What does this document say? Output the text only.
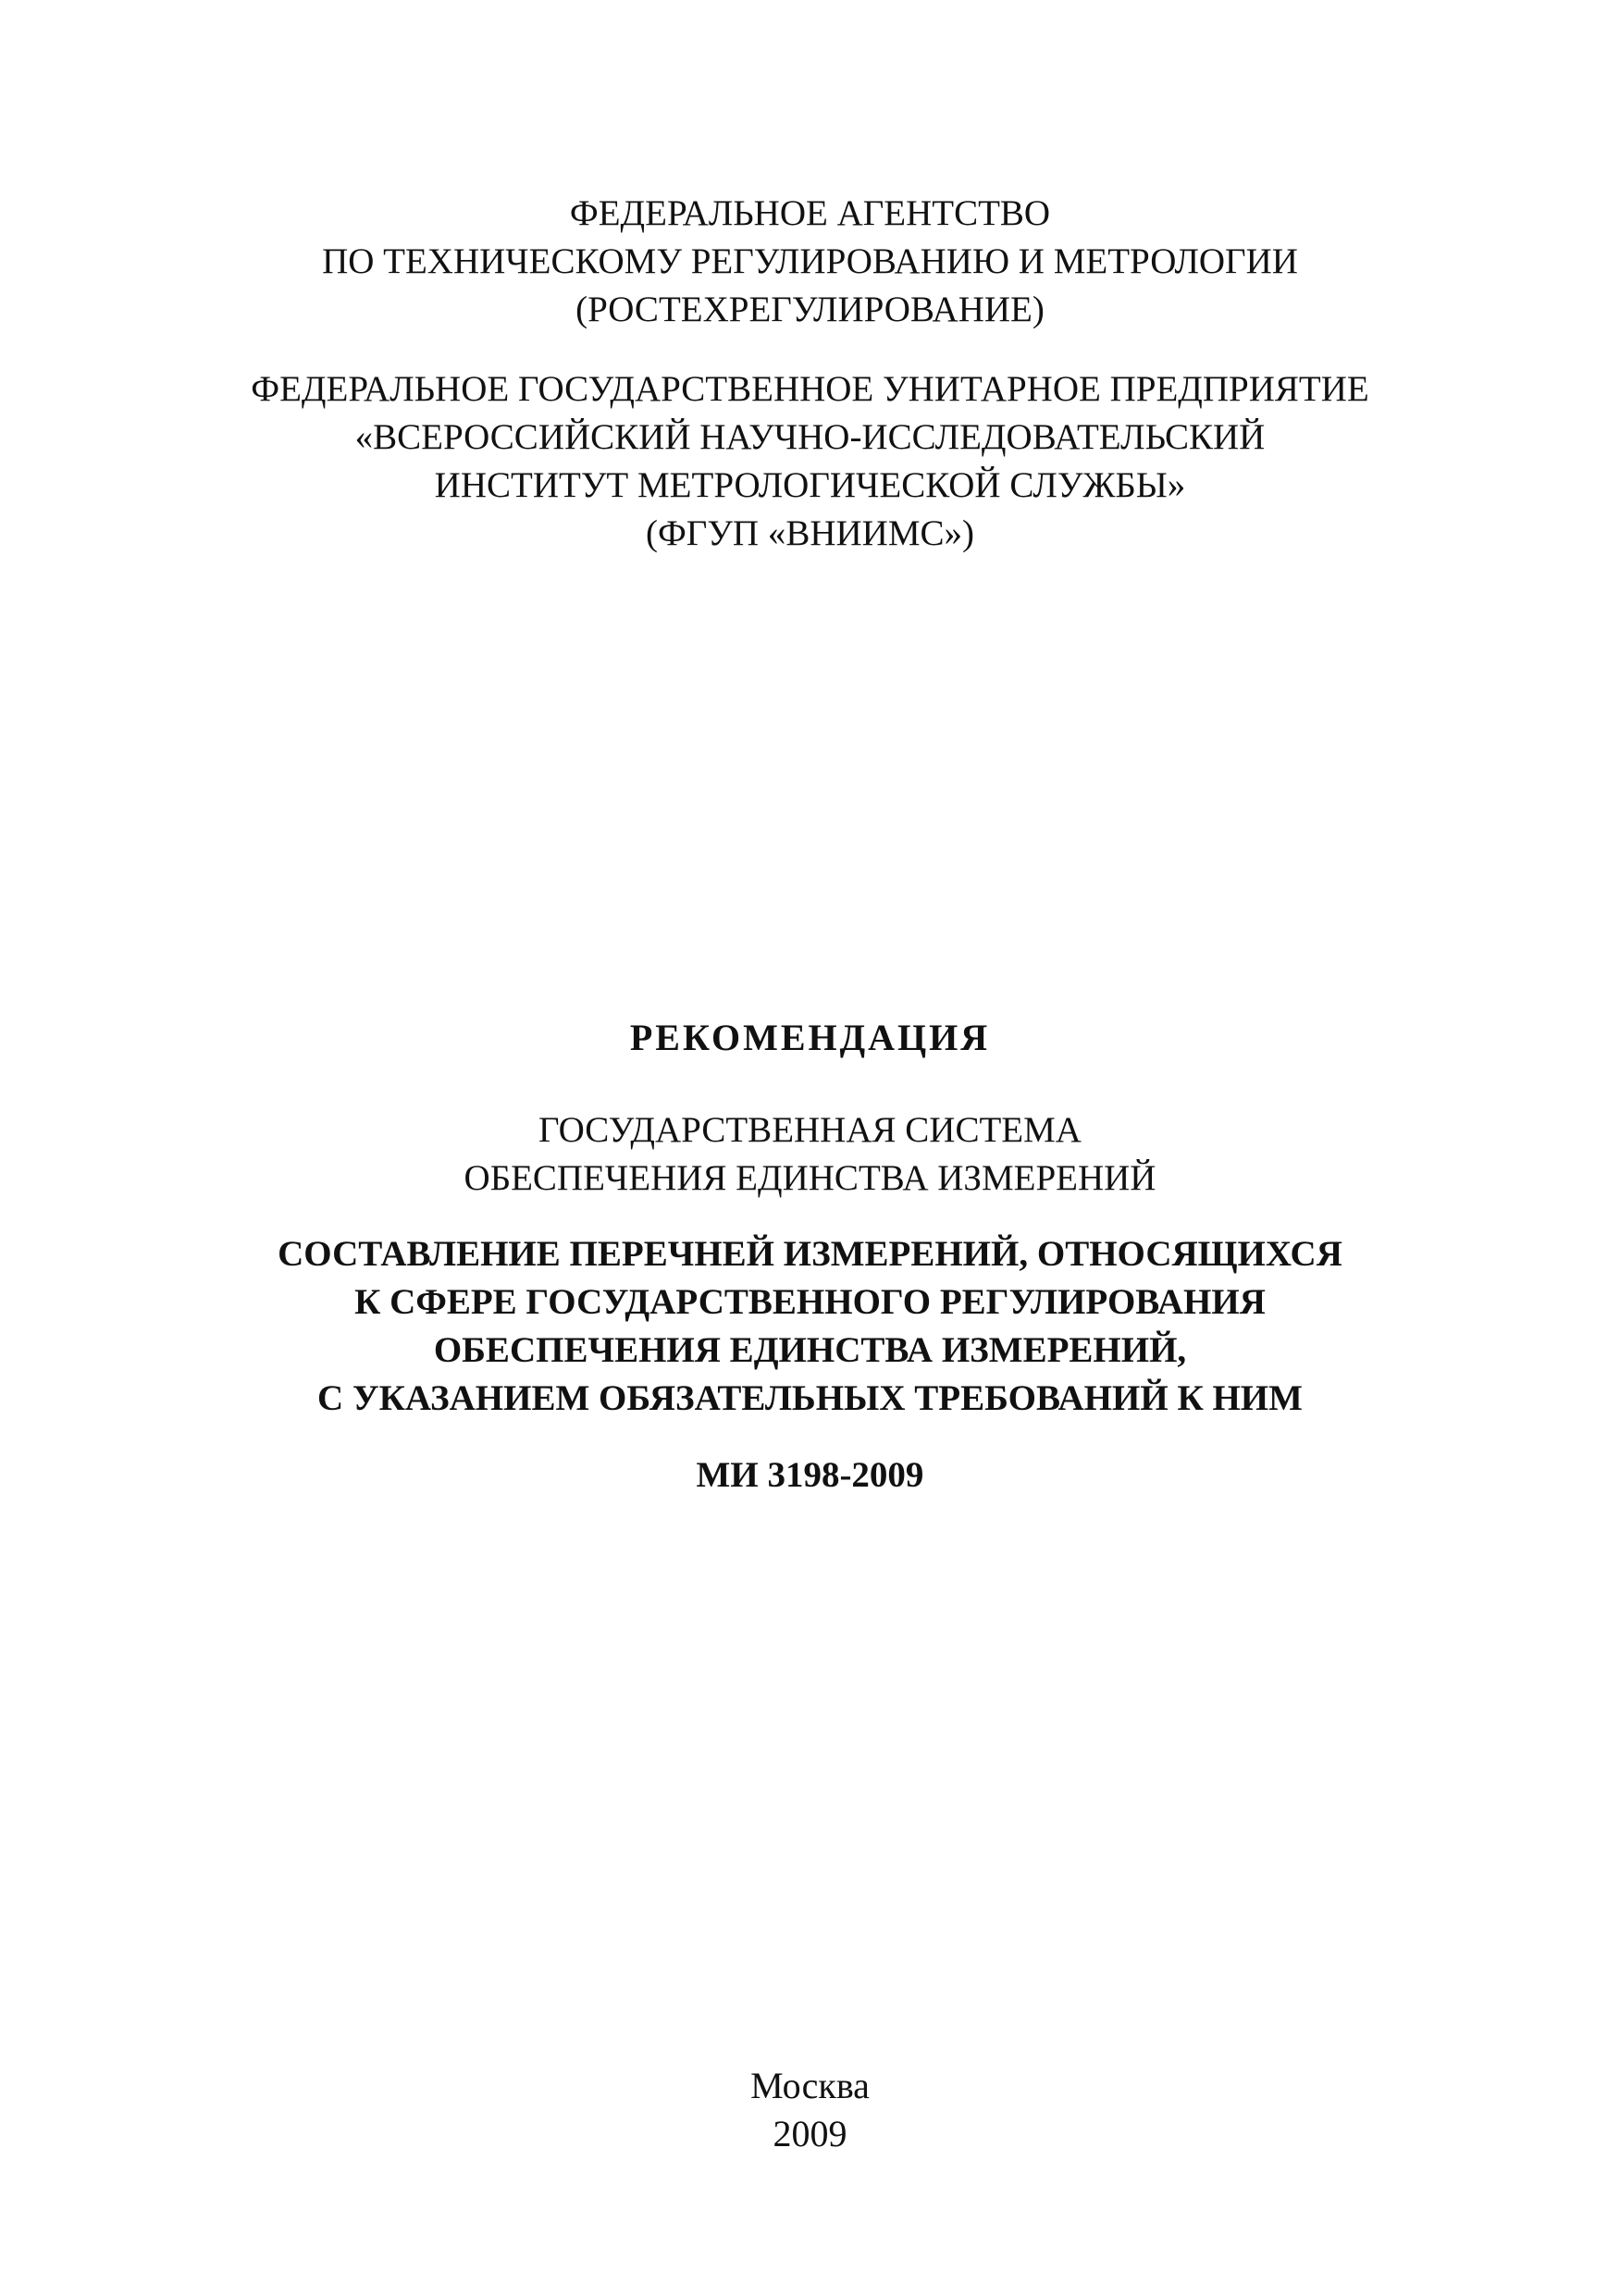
ФЕДЕРАЛЬНОЕ АГЕНТСТВО
ПО ТЕХНИЧЕСКОМУ РЕГУЛИРОВАНИЮ И МЕТРОЛОГИИ
(РОСТЕХРЕГУЛИРОВАНИЕ)
ФЕДЕРАЛЬНОЕ ГОСУДАРСТВЕННОЕ УНИТАРНОЕ ПРЕДПРИЯТИЕ
«ВСЕРОССИЙСКИЙ НАУЧНО-ИССЛЕДОВАТЕЛЬСКИЙ
ИНСТИТУТ МЕТРОЛОГИЧЕСКОЙ СЛУЖБЫ»
(ФГУП «ВНИИМС»)
РЕКОМЕНДАЦИЯ
ГОСУДАРСТВЕННАЯ СИСТЕМА
ОБЕСПЕЧЕНИЯ ЕДИНСТВА ИЗМЕРЕНИЙ
СОСТАВЛЕНИЕ ПЕРЕЧНЕЙ ИЗМЕРЕНИЙ, ОТНОСЯЩИХСЯ
К СФЕРЕ ГОСУДАРСТВЕННОГО РЕГУЛИРОВАНИЯ
ОБЕСПЕЧЕНИЯ ЕДИНСТВА ИЗМЕРЕНИЙ,
С УКАЗАНИЕМ ОБЯЗАТЕЛЬНЫХ ТРЕБОВАНИЙ К НИМ
МИ 3198-2009
Москва
2009
